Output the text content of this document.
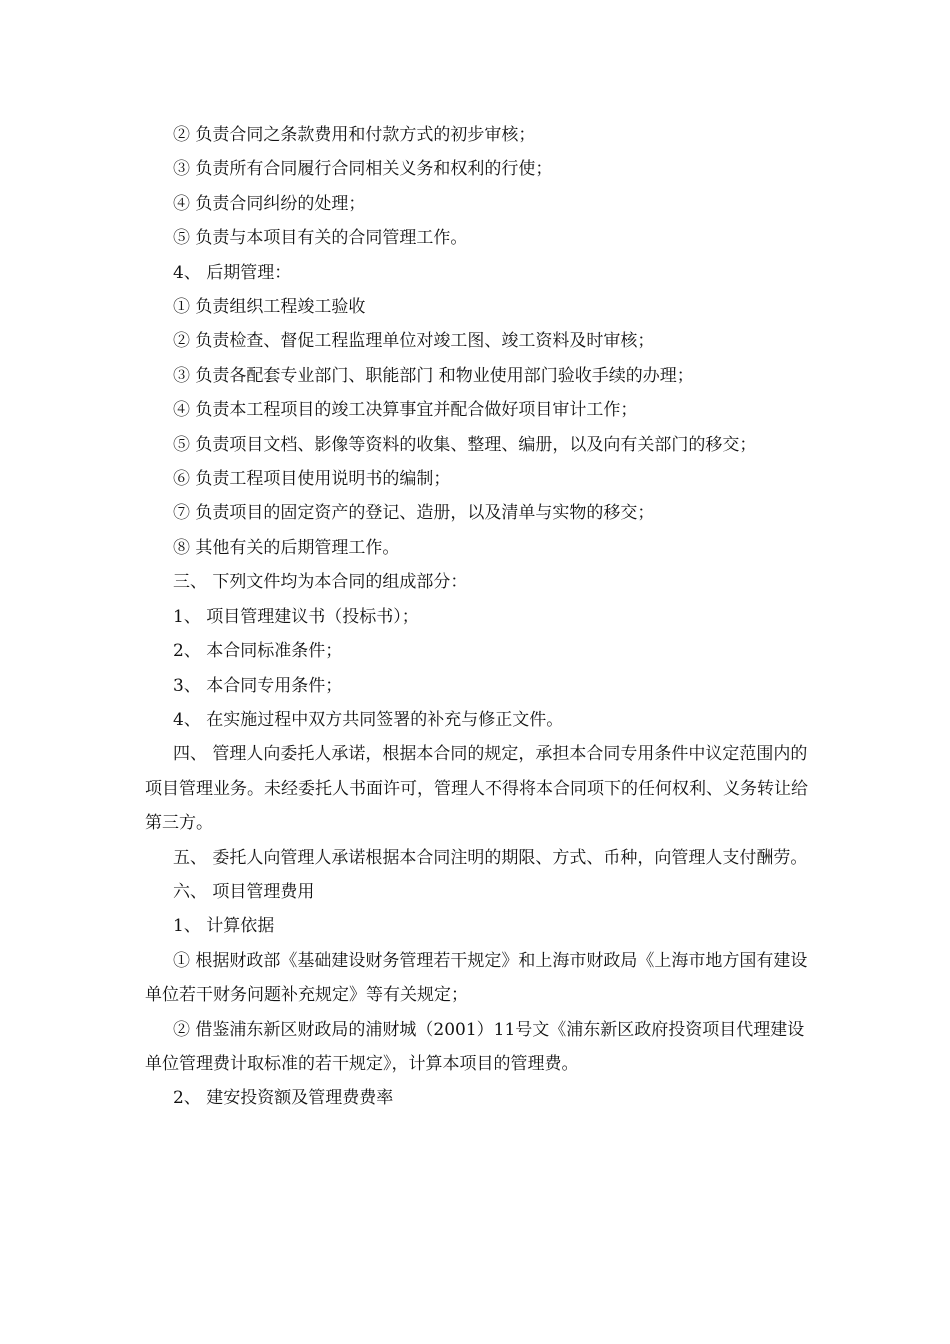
② 负责合同之条款费用和付款方式的初步审核；

③ 负责所有合同履行合同相关义务和权利的行使；

④ 负责合同纠纷的处理；

⑤ 负责与本项目有关的合同管理工作。

4、 后期管理：

① 负责组织工程竣工验收

② 负责检查、督促工程监理单位对竣工图、竣工资料及时审核；

③ 负责各配套专业部门、职能部门 和物业使用部门验收手续的办理；

④ 负责本工程项目的竣工决算事宜并配合做好项目审计工作；

⑤ 负责项目文档、影像等资料的收集、整理、编册，以及向有关部门的移交；

⑥ 负责工程项目使用说明书的编制；

⑦ 负责项目的固定资产的登记、造册，以及清单与实物的移交；

⑧ 其他有关的后期管理工作。

三、 下列文件均为本合同的组成部分：

1、 项目管理建议书（投标书）；

2、 本合同标准条件；

3、 本合同专用条件；

4、 在实施过程中双方共同签署的补充与修正文件。

四、 管理人向委托人承诺，根据本合同的规定，承担本合同专用条件中议定范围内的项目管理业务。未经委托人书面许可，管理人不得将本合同项下的任何权利、义务转让给第三方。

五、 委托人向管理人承诺根据本合同注明的期限、方式、币种，向管理人支付酬劳。

六、 项目管理费用

1、 计算依据

① 根据财政部《基础建设财务管理若干规定》和上海市财政局《上海市地方国有建设单位若干财务问题补充规定》等有关规定；

② 借鉴浦东新区财政局的浦财城（2001）11号文《浦东新区政府投资项目代理建设单位管理费计取标准的若干规定》，计算本项目的管理费。

2、 建安投资额及管理费费率
